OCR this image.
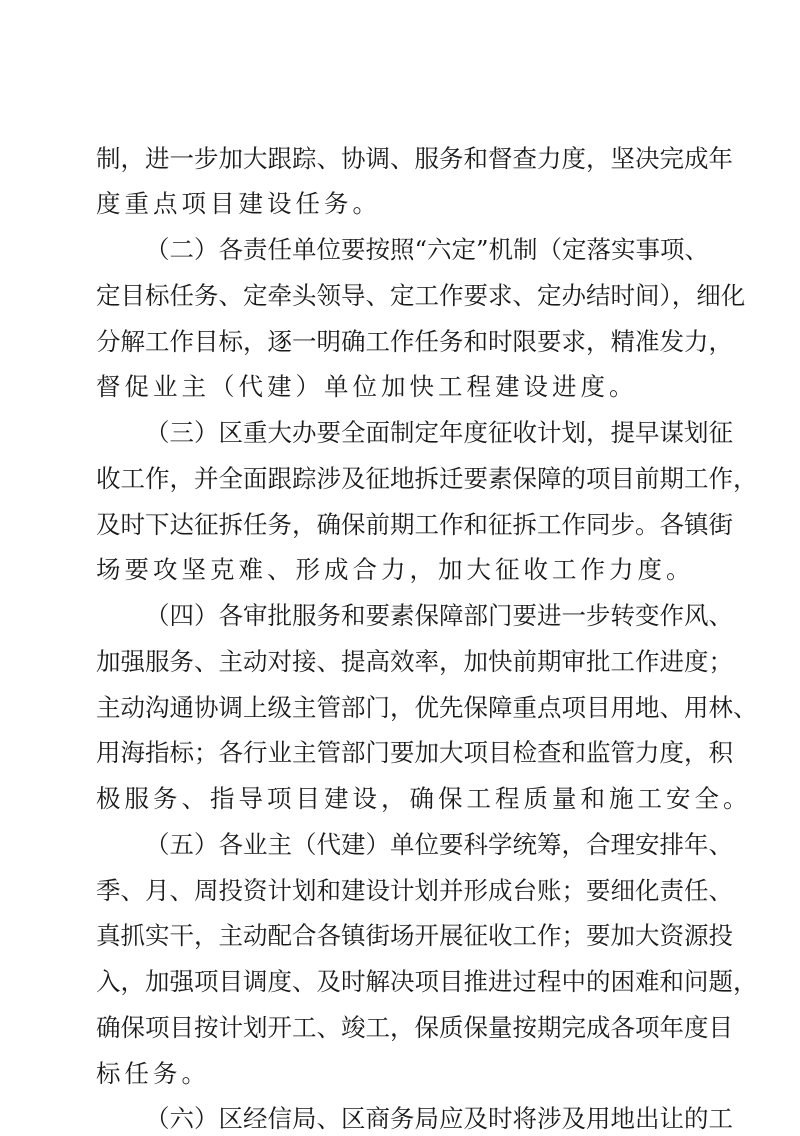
制，进一步加大跟踪、协调、服务和督查力度，坚决完成年
度重点项目建设任务。
（二）各责任单位要按照“六定”机制（定落实事项、
定目标任务、定牵头领导、定工作要求、定办结时间），细化
分解工作目标，逐一明确工作任务和时限要求，精准发力，
督促业主（代建）单位加快工程建设进度。
（三）区重大办要全面制定年度征收计划，提早谋划征
收工作，并全面跟踪涉及征地拆迁要素保障的项目前期工作，
及时下达征拆任务，确保前期工作和征拆工作同步。各镇街
场要攻坚克难、形成合力，加大征收工作力度。
（四）各审批服务和要素保障部门要进一步转变作风、
加强服务、主动对接、提高效率，加快前期审批工作进度；
主动沟通协调上级主管部门，优先保障重点项目用地、用林、
用海指标；各行业主管部门要加大项目检查和监管力度，积
极服务、指导项目建设，确保工程质量和施工安全。
（五）各业主（代建）单位要科学统筹，合理安排年、
季、月、周投资计划和建设计划并形成台账；要细化责任、
真抓实干，主动配合各镇街场开展征收工作；要加大资源投
入，加强项目调度、及时解决项目推进过程中的困难和问题，
确保项目按计划开工、竣工，保质保量按期完成各项年度目
标任务。
（六）区经信局、区商务局应及时将涉及用地出让的工
